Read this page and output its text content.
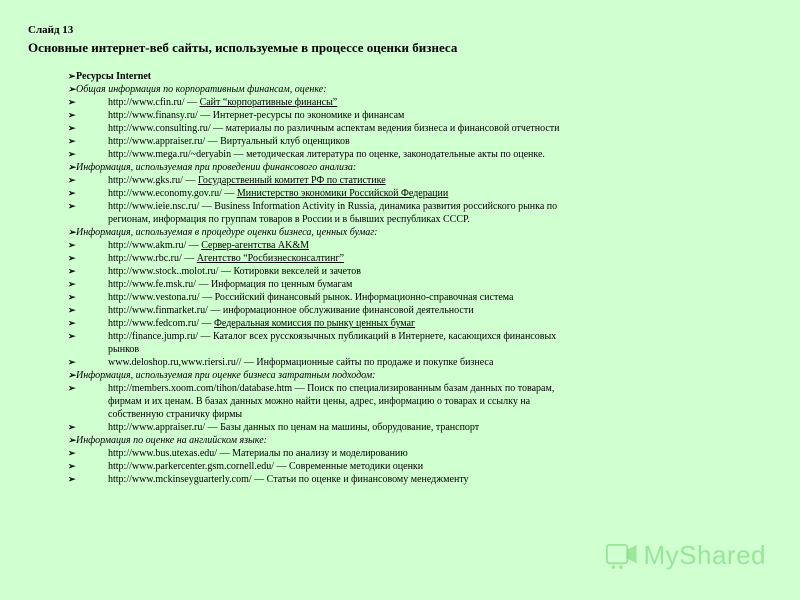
Слайд 13
Основные интернет-веб сайты, используемые в процессе оценки бизнеса
➢ Ресурсы Internet
➢ Общая информация по корпоративным финансам, оценке:
➢	http://www.cfin.ru/ — Сайт “корпоративные финансы”
➢	http://www.finansy.ru/ — Интернет-ресурсы по экономике и финансам
➢	http://www.consulting.ru/ — материалы по различным аспектам ведения бизнеса и финансовой отчетности
➢	http://www.appraiser.ru/ — Виртуальный клуб оценщиков
➢	http://www.mega.ru/~deryabin — методическая литература по оценке, законодательные акты по оценке.
➢ Информация, используемая при проведении финансового анализа:
➢	http://www.gks.ru/ — Государственный комитет РФ по статистике
➢	http://www.economy.gov.ru/ — Министерство экономики Российской Федерации
➢	http://www.ieie.nsc.ru/ — Business Information Activity in Russia, динамика развития российского рынка по регионам, информация по группам товаров в России и в бывших республиках СССР.
➢ Информация, используемая в процедуре оценки бизнеса, ценных бумаг:
➢	http://www.akm.ru/ — Сервер-агентства AK&M
➢	http://www.rbc.ru/ — Агентство “Росбизнесконсалтинг”
➢	http://www.stock..molot.ru/ — Котировки векселей и зачетов
➢	http://www.fe.msk.ru/ — Информация по ценным бумагам
➢	http://www.vestona.ru/ — Российский финансовый рынок. Информационно-справочная система
➢	http://www.finmarket.ru/ — информационное обслуживание финансовой деятельности
➢	http://www.fedcom.ru/ — Федеральная комиссия по рынку ценных бумаг
➢	http://finance.jump.ru/ — Каталог всех русскоязычных публикаций в Интернете, касающихся финансовых рынков
➢	www.deloshop.ru,www.riersi.ru// — Информационные сайты по продаже и покупке бизнеса
➢ Информация, используемая при оценке бизнеса затратным подходом:
➢	http://members.xoom.com/tihon/database.htm — Поиск по специализированным базам данных по товарам, фирмам и их ценам. В базах данных можно найти цены, адрес, информацию о товарах и ссылку на собственную страничку фирмы
➢	http://www.appraiser.ru/ — Базы данных по ценам на машины, оборудование, транспорт
➢ Информация по оценке на английском языке:
➢	http://www.bus.utexas.edu/ — Материалы по анализу и моделированию
➢	http://www.parkercenter.gsm.cornell.edu/ — Современные методики оценки
➢	http://www.mckinseyguarterly.com/ — Статьи по оценке и финансовому менеджменту
MyShared
